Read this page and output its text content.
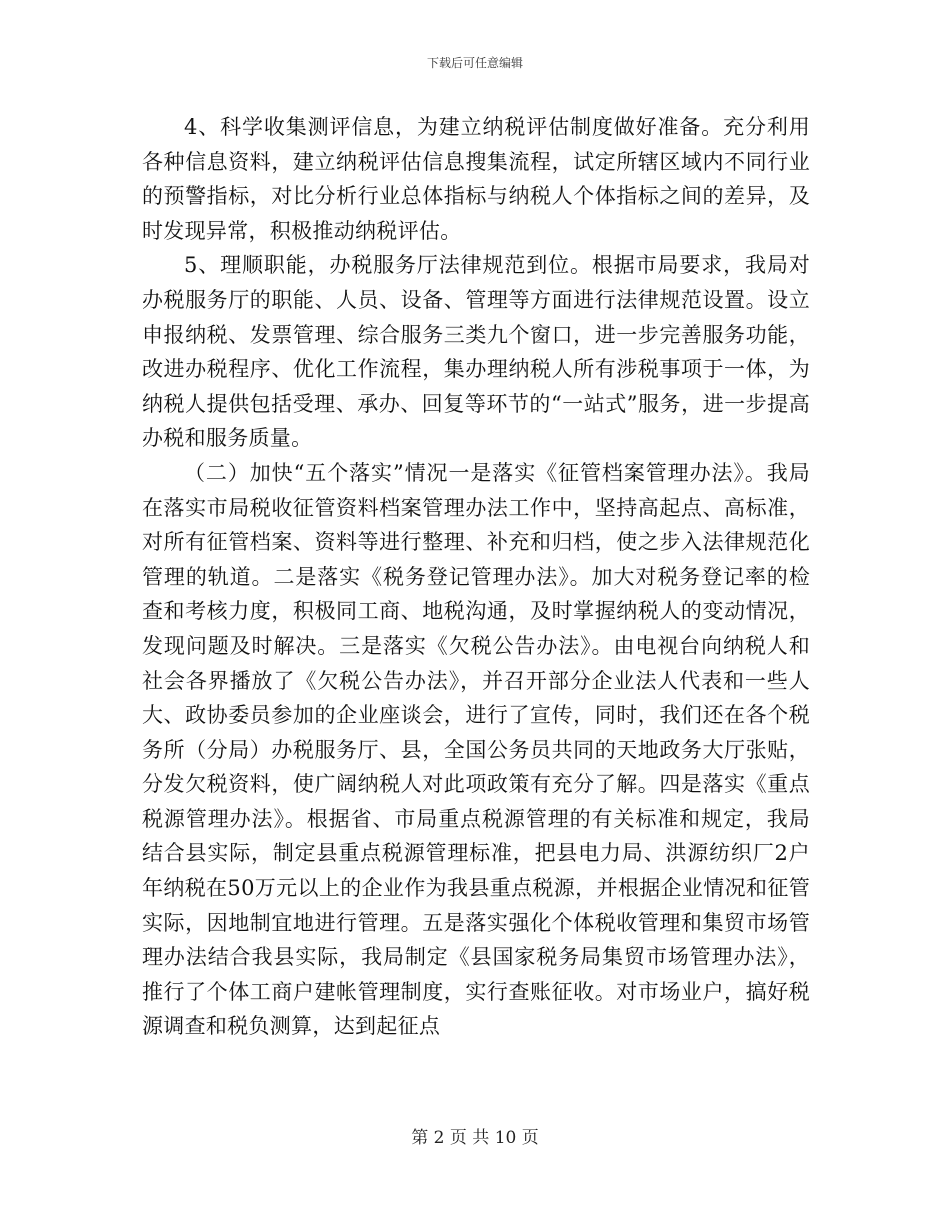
下载后可任意编辑

4、科学收集测评信息，为建立纳税评估制度做好准备。充分利用各种信息资料，建立纳税评估信息搜集流程，试定所辖区域内不同行业的预警指标，对比分析行业总体指标与纳税人个体指标之间的差异，及时发现异常，积极推动纳税评估。

5、理顺职能，办税服务厅法律规范到位。根据市局要求，我局对办税服务厅的职能、人员、设备、管理等方面进行法律规范设置。设立申报纳税、发票管理、综合服务三类九个窗口，进一步完善服务功能，改进办税程序、优化工作流程，集办理纳税人所有涉税事项于一体，为纳税人提供包括受理、承办、回复等环节的“一站式”服务，进一步提高办税和服务质量。

（二）加快“五个落实”情况一是落实《征管档案管理办法》。我局在落实市局税收征管资料档案管理办法工作中，坚持高起点、高标准，对所有征管档案、资料等进行整理、补充和归档，使之步入法律规范化管理的轨道。二是落实《税务登记管理办法》。加大对税务登记率的检查和考核力度，积极同工商、地税沟通，及时掌握纳税人的变动情况，发现问题及时解决。三是落实《欠税公告办法》。由电视台向纳税人和社会各界播放了《欠税公告办法》，并召开部分企业法人代表和一些人大、政协委员参加的企业座谈会，进行了宣传，同时，我们还在各个税务所（分局）办税服务厅、县，全国公务员共同的天地政务大厅张贴，分发欠税资料，使广阔纳税人对此项政策有充分了解。四是落实《重点税源管理办法》。根据省、市局重点税源管理的有关标准和规定，我局结合县实际，制定县重点税源管理标准，把县电力局、洪源纺织厂2户年纳税在50万元以上的企业作为我县重点税源，并根据企业情况和征管实际，因地制宜地进行管理。五是落实强化个体税收管理和集贸市场管理办法结合我县实际，我局制定《县国家税务局集贸市场管理办法》，推行了个体工商户建帐管理制度，实行查账征收。对市场业户，搞好税源调查和税负测算，达到起征点

第 2 页 共 10 页
